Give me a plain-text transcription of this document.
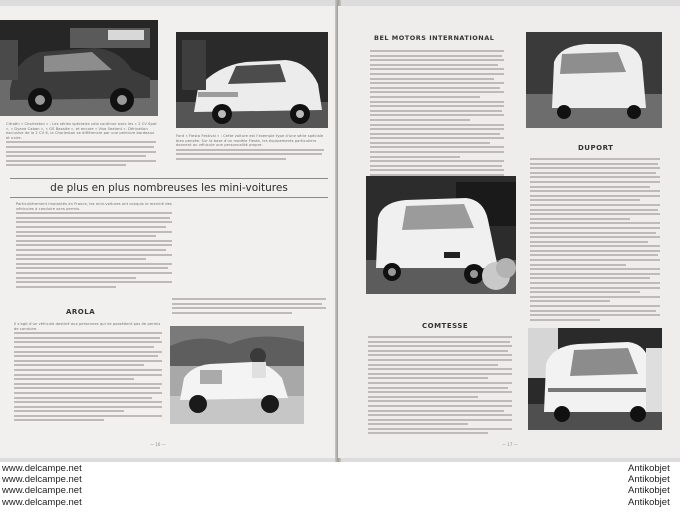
Citroën « Charleston » : Les séries spéciales cela continue avec les « 2 CV Spot », « Dyane Caban », « GS Basalte », et encore « Visa Sextant ». Dérivation exclusive de la 2 CV 6, la Charleston se différencie par une peinture bordeaux et noire.	Ford « Fiesta Festival » : Cette voiture est l'exemple type d'une série spéciale bien pensée. Sur la base d'un modèle Fiesta, les équipements particuliers donnent au véhicule une personnalité propre.

de plus en plus nombreuses les mini-voitures

Particulièrement implantés en France, les mini-voitures ont conquis le marché des véhicules à conduire sans permis.

AROLA

Il s'agit d'un véhicule destiné aux personnes qui ne possèdent pas de permis de conduire.

— 16 —
BEL MOTORS INTERNATIONAL
DUPORT
COMTESSE
— 17 —
www.delcampe.net
www.delcampe.net
www.delcampe.net
www.delcampe.net
Antikobjet
Antikobjet
Antikobjet
Antikobjet
